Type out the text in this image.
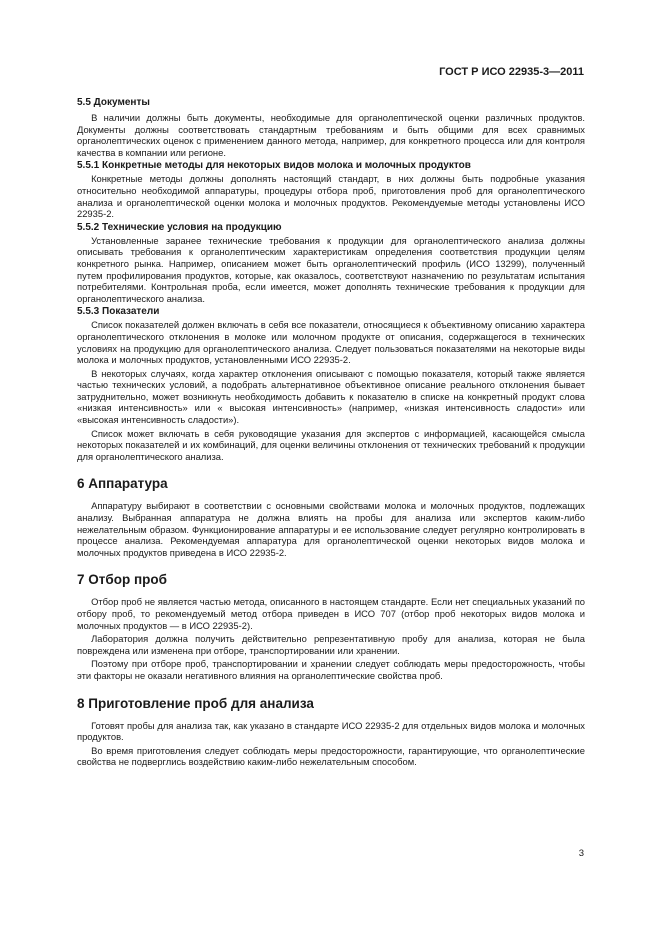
ГОСТ Р ИСО 22935-3—2011

5.5 Документы

  В наличии должны быть документы, необходимые для органолептической оценки различных продуктов. Документы должны соответствовать стандартным требованиям и быть общими для всех сравнимых органолептических оценок с применением данного метода, например, для конкретного процесса или для контроля качества в компании или регионе.

5.5.1 Конкретные методы для некоторых видов молока и молочных продуктов

  Конкретные методы должны дополнять настоящий стандарт, в них должны быть подробные указания относительно необходимой аппаратуры, процедуры отбора проб, приготовления проб для органолептического анализа и органолептической оценки молока и молочных продуктов. Рекомендуемые методы установлены ИСО 22935-2.

5.5.2 Технические условия на продукцию

  Установленные заранее технические требования к продукции для органолептического анализа должны описывать требования к органолептическим характеристикам определения соответствия продукции целям конкретного рынка. Например, описанием может быть органолептический профиль (ИСО 13299), полученный путем профилирования продуктов, которые, как оказалось, соответствуют назначению по результатам испытания потребителями. Контрольная проба, если имеется, может дополнять технические требования к продукции для органолептического анализа.

5.5.3 Показатели

  Список показателей должен включать в себя все показатели, относящиеся к объективному описанию характера органолептического отклонения в молоке или молочном продукте от описания, содержащегося в технических условиях на продукцию для органолептического анализа. Следует пользоваться показателями на некоторые виды молока и молочных продуктов, установленными ИСО 22935-2.

  В некоторых случаях, когда характер отклонения описывают с помощью показателя, который также является частью технических условий, а подобрать альтернативное объективное описание реального отклонения бывает затруднительно, может возникнуть необходимость добавить к показателю в списке на конкретный продукт слова «низкая интенсивность» или « высокая интенсивность» (например, «низкая интенсивность сладости» или «высокая интенсивность сладости»).

  Список может включать в себя руководящие указания для экспертов с информацией, касающейся смысла некоторых показателей и их комбинаций, для оценки величины отклонения от технических требований к продукции для органолептического анализа.

6 Аппаратура

  Аппаратуру выбирают в соответствии с основными свойствами молока и молочных продуктов, подлежащих анализу. Выбранная аппаратура не должна влиять на пробы для анализа или экспертов каким-либо нежелательным образом. Функционирование аппаратуры и ее использование следует регулярно контролировать в процессе анализа. Рекомендуемая аппаратура для органолептической оценки некоторых видов молока и молочных продуктов приведена в ИСО 22935-2.

7 Отбор проб

  Отбор проб не является частью метода, описанного в настоящем стандарте. Если нет специальных указаний по отбору проб, то рекомендуемый метод отбора приведен в ИСО 707 (отбор проб некоторых видов молока и молочных продуктов — в ИСО 22935-2).

  Лаборатория должна получить действительно репрезентативную пробу для анализа, которая не была повреждена или изменена при отборе, транспортировании или хранении.

  Поэтому при отборе проб, транспортировании и хранении следует соблюдать меры предосторожность, чтобы эти факторы не оказали негативного влияния на органолептические свойства проб.

8 Приготовление проб для анализа

  Готовят пробы для анализа так, как указано в стандарте ИСО 22935-2 для отдельных видов молока и молочных продуктов.

  Во время приготовления следует соблюдать меры предосторожности, гарантирующие, что органолептические свойства не подверглись воздействию каким-либо нежелательным способом.

3
